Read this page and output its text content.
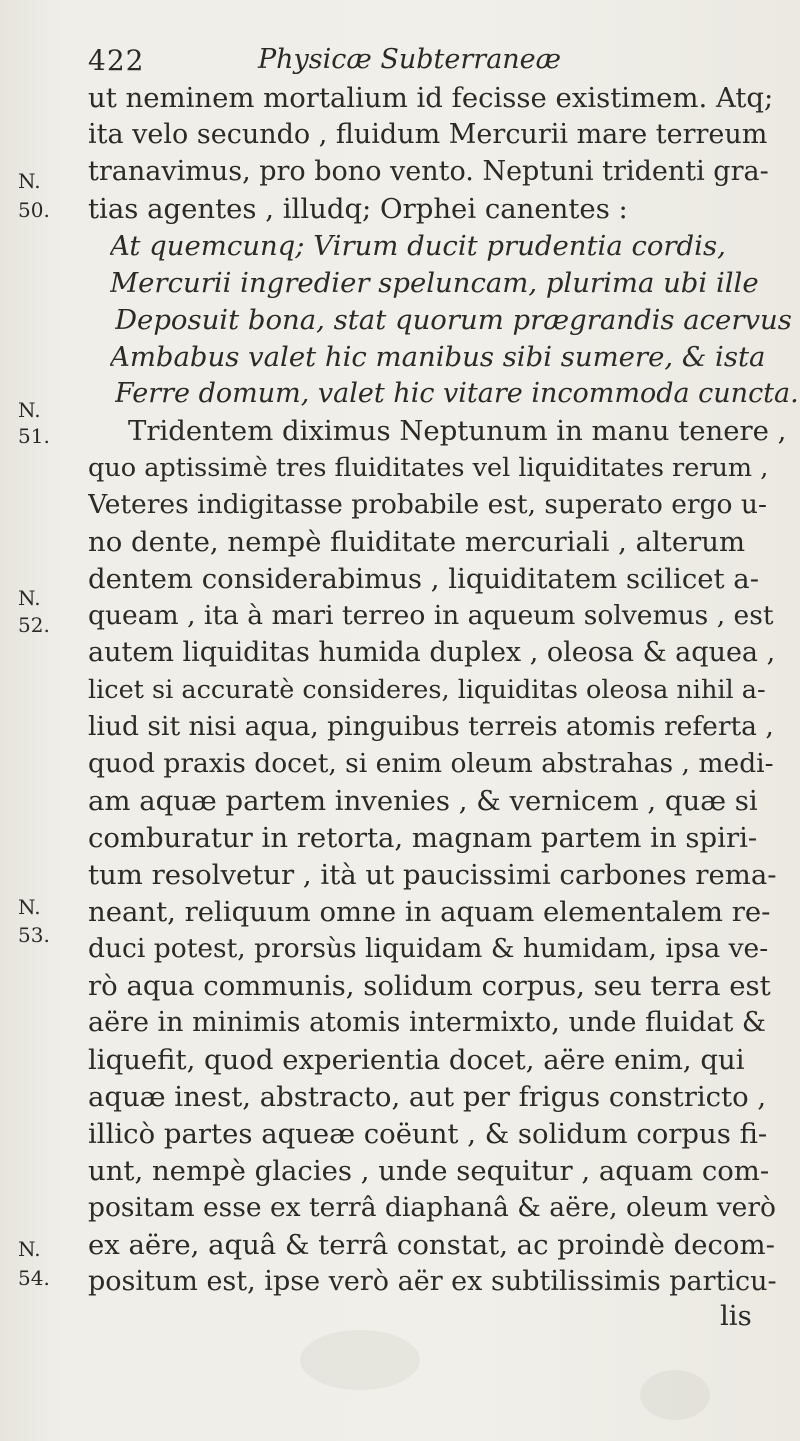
422	Physicæ Subterraneæ
N.
50.
N.
51.
N.
52.
N.
53.
N.
54.
ut neminem mortalium id fecisse existimem. Atq;
ita velo secundo , fluidum Mercurii mare terreum
tranavimus, pro bono vento. Neptuni tridenti gra-
tias agentes , illudq; Orphei canentes :
At quemcunq; Virum ducit prudentia cordis,
Mercurii ingredier speluncam, plurima ubi ille
Deposuit bona, stat quorum prægrandis acervus
Ambabus valet hic manibus sibi sumere, & ista
Ferre domum, valet hic vitare incommoda cuncta.
Tridentem diximus Neptunum in manu tenere ,
quo aptissimè tres fluiditates vel liquiditates rerum ,
Veteres indigitasse probabile est, superato ergo u-
no dente, nempè fluiditate mercuriali , alterum
dentem considerabimus , liquiditatem scilicet a-
queam , ita à mari terreo in aqueum solvemus , est
autem liquiditas humida duplex , oleosa & aquea ,
licet si accuratè consideres, liquiditas oleosa nihil a-
liud sit nisi aqua, pinguibus terreis atomis referta ,
quod praxis docet, si enim oleum abstrahas , medi-
am aquæ partem invenies , & vernicem , quæ si
comburatur in retorta, magnam partem in spiri-
tum resolvetur , ità ut paucissimi carbones rema-
neant, reliquum omne in aquam elementalem re-
duci potest, prorsùs liquidam & humidam, ipsa ve-
rò aqua communis, solidum corpus, seu terra est
aëre in minimis atomis intermixto, unde fluidat &
liquefit, quod experientia docet, aëre enim, qui
aquæ inest, abstracto, aut per frigus constricto ,
illicò partes aqueæ coëunt , & solidum corpus fi-
unt, nempè glacies , unde sequitur , aquam com-
positam esse ex terrâ diaphanâ & aëre, oleum verò
ex aëre, aquâ & terrâ constat, ac proindè decom-
positum est, ipse verò aër ex subtilissimis particu-
lis
